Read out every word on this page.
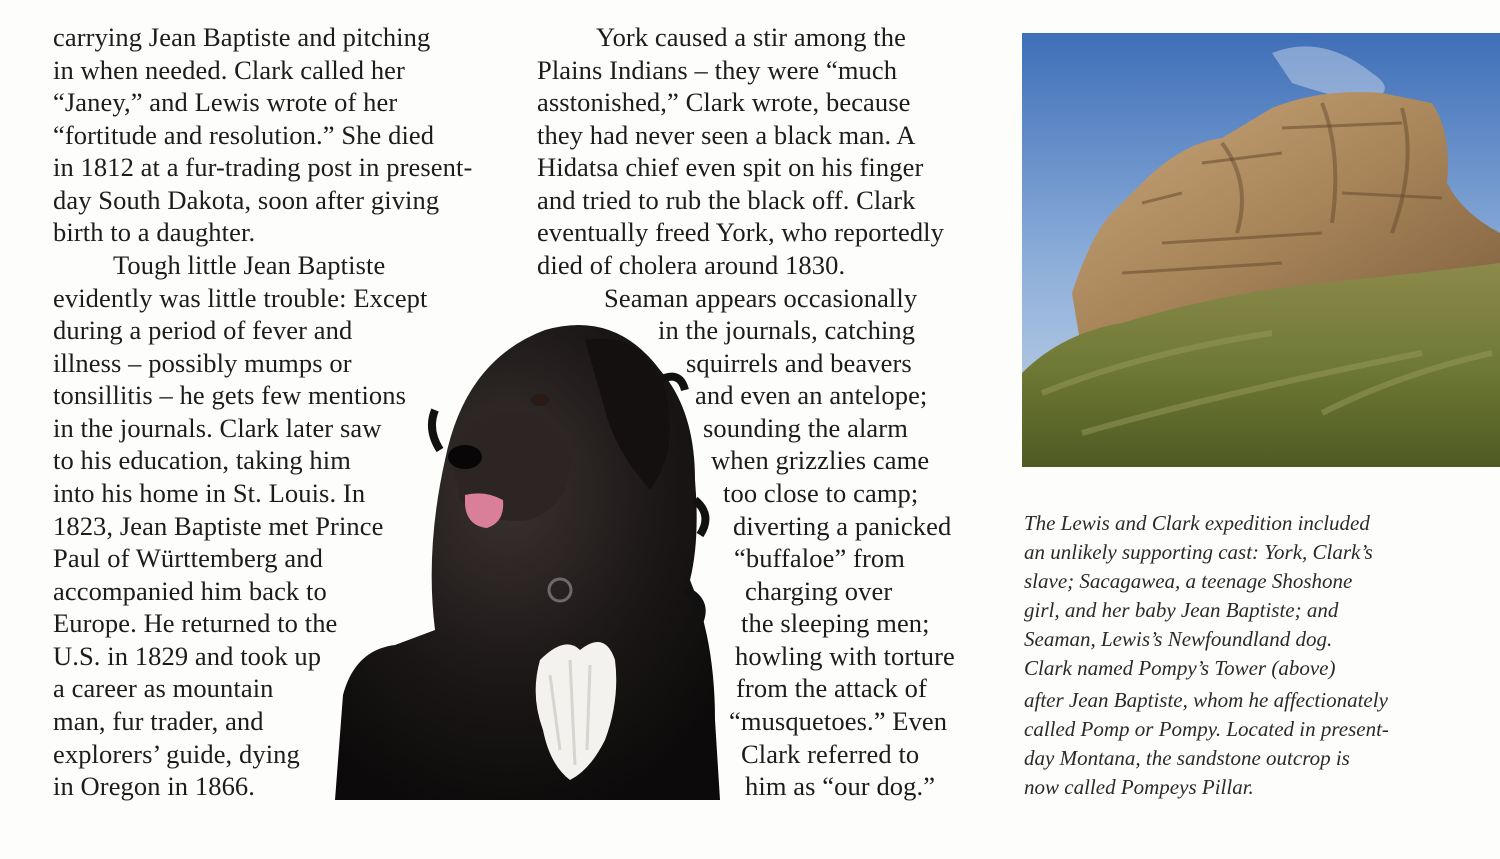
carrying Jean Baptiste and pitching
in when needed. Clark called her
“Janey,” and Lewis wrote of her
“fortitude and resolution.” She died
in 1812 at a fur-trading post in present-
day South Dakota, soon after giving
birth to a daughter.
Tough little Jean Baptiste
evidently was little trouble: Except
during a period of fever and
illness – possibly mumps or
tonsillitis – he gets few mentions
in the journals. Clark later saw
to his education, taking him
into his home in St. Louis. In
1823, Jean Baptiste met Prince
Paul of Württemberg and
accompanied him back to
Europe. He returned to the
U.S. in 1829 and took up
a career as mountain
man, fur trader, and
explorers’ guide, dying
in Oregon in 1866.
York caused a stir among the
Plains Indians – they were “much
asstonished,” Clark wrote, because
they had never seen a black man. A
Hidatsa chief even spit on his finger
and tried to rub the black off. Clark
eventually freed York, who reportedly
died of cholera around 1830.
Seaman appears occasionally
in the journals, catching
squirrels and beavers
and even an antelope;
sounding the alarm
when grizzlies came
too close to camp;
diverting a panicked
“buffaloe” from
charging over
the sleeping men;
howling with torture
from the attack of
“musquetoes.” Even
Clark referred to
him as “our dog.”
The Lewis and Clark expedition included
an unlikely supporting cast: York, Clark’s
slave; Sacagawea, a teenage Shoshone
girl, and her baby Jean Baptiste; and
Seaman, Lewis’s Newfoundland dog.
Clark named Pompy’s Tower (above)
after Jean Baptiste, whom he affectionately
called Pomp or Pompy. Located in present-
day Montana, the sandstone outcrop is
now called Pompeys Pillar.
